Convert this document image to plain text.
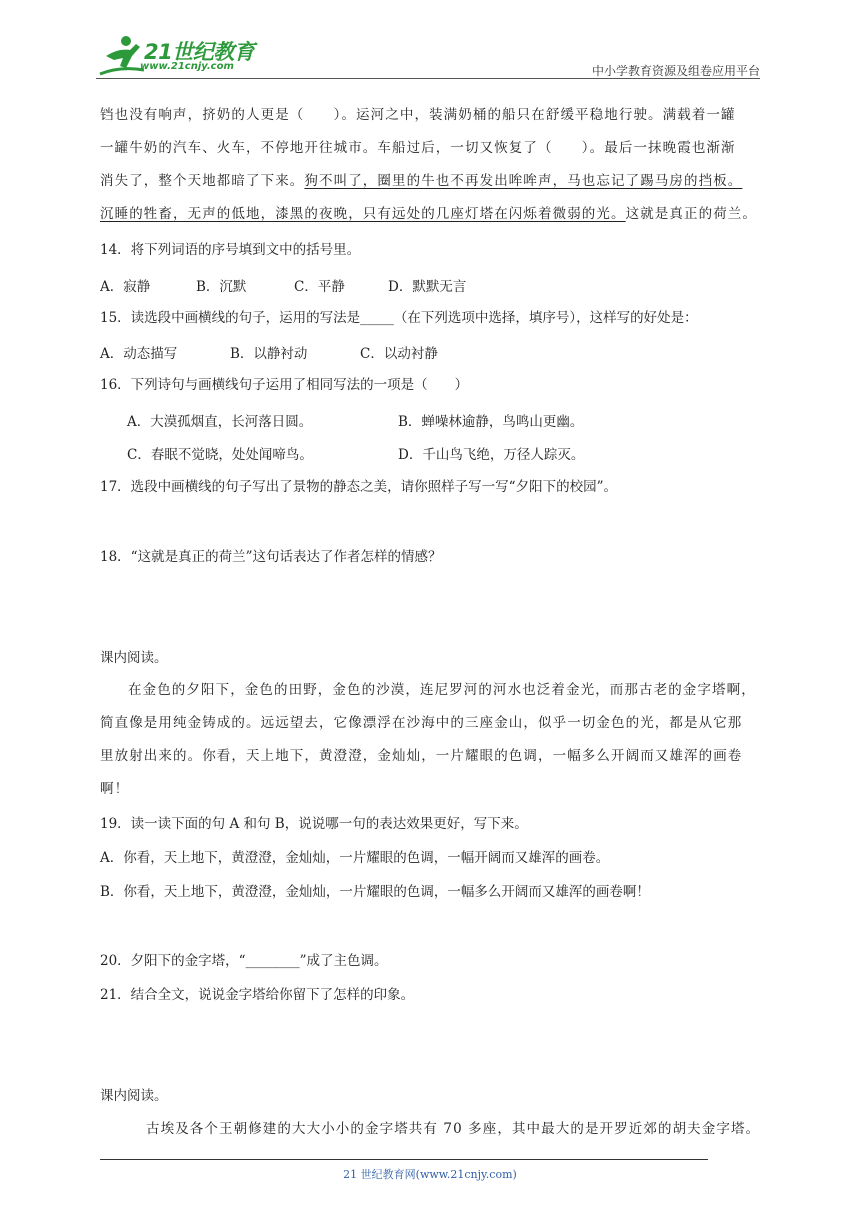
21世纪教育
www.21cnjy.com	中小学教育资源及组卷应用平台
铛也没有响声，挤奶的人更是（　　）。运河之中，装满奶桶的船只在舒缓平稳地行驶。满载着一罐
一罐牛奶的汽车、火车，不停地开往城市。车船过后，一切又恢复了（　　）。最后一抹晚霞也渐渐
消失了，整个天地都暗了下来。狗不叫了，圈里的牛也不再发出哞哞声，马也忘记了踢马房的挡板。
沉睡的牲畜，无声的低地，漆黑的夜晚，只有远处的几座灯塔在闪烁着微弱的光。这就是真正的荷兰。
14．将下列词语的序号填到文中的括号里。
A．寂静	B．沉默	C．平静	D．默默无言
15．读选段中画横线的句子，运用的写法是_____（在下列选项中选择，填序号），这样写的好处是：
A．动态描写	B．以静衬动	C．以动衬静
16．下列诗句与画横线句子运用了相同写法的一项是（　　）
A．大漠孤烟直，长河落日圆。	B．蝉噪林逾静，鸟鸣山更幽。
C．春眠不觉晓，处处闻啼鸟。	D．千山鸟飞绝，万径人踪灭。
17．选段中画横线的句子写出了景物的静态之美，请你照样子写一写“夕阳下的校园”。
18．“这就是真正的荷兰”这句话表达了作者怎样的情感？
课内阅读。
在金色的夕阳下，金色的田野，金色的沙漠，连尼罗河的河水也泛着金光，而那古老的金字塔啊，
简直像是用纯金铸成的。远远望去，它像漂浮在沙海中的三座金山，似乎一切金色的光，都是从它那
里放射出来的。你看，天上地下，黄澄澄，金灿灿，一片耀眼的色调，一幅多么开阔而又雄浑的画卷
啊！
19．读一读下面的句 A 和句 B，说说哪一句的表达效果更好，写下来。
A．你看，天上地下，黄澄澄，金灿灿，一片耀眼的色调，一幅开阔而又雄浑的画卷。
B．你看，天上地下，黄澄澄，金灿灿，一片耀眼的色调，一幅多么开阔而又雄浑的画卷啊！
20．夕阳下的金字塔，“________”成了主色调。
21．结合全文，说说金字塔给你留下了怎样的印象。
课内阅读。
古埃及各个王朝修建的大大小小的金字塔共有 70 多座，其中最大的是开罗近郊的胡夫金字塔。
21 世纪教育网(www.21cnjy.com)
